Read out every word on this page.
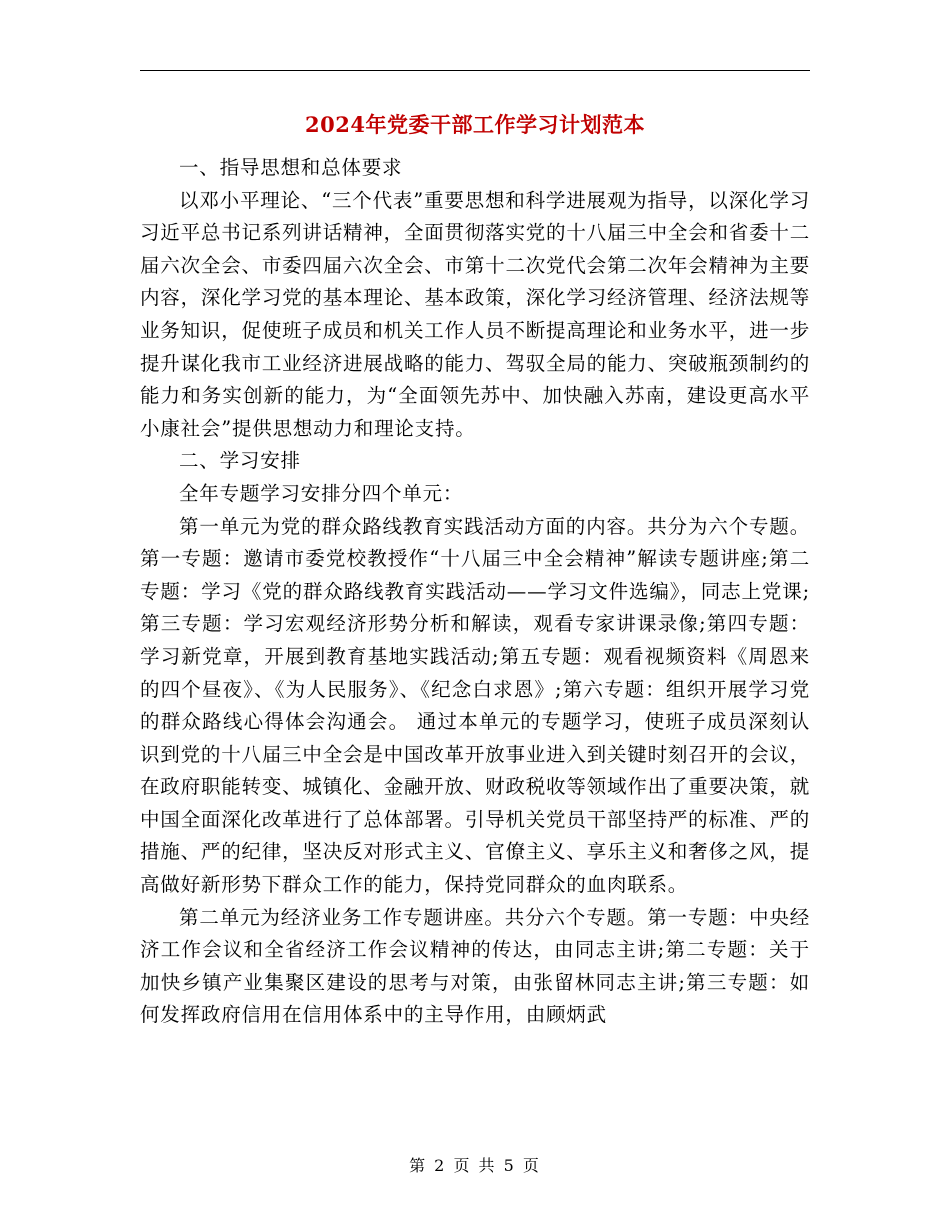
2024年党委干部工作学习计划范本

一、指导思想和总体要求

以邓小平理论、“三个代表”重要思想和科学进展观为指导，以深化学习习近平总书记系列讲话精神，全面贯彻落实党的十八届三中全会和省委十二届六次全会、市委四届六次全会、市第十二次党代会第二次年会精神为主要内容，深化学习党的基本理论、基本政策，深化学习经济管理、经济法规等业务知识，促使班子成员和机关工作人员不断提高理论和业务水平，进一步提升谋化我市工业经济进展战略的能力、驾驭全局的能力、突破瓶颈制约的能力和务实创新的能力，为“全面领先苏中、加快融入苏南，建设更高水平小康社会”提供思想动力和理论支持。

二、学习安排

全年专题学习安排分四个单元：

第一单元为党的群众路线教育实践活动方面的内容。共分为六个专题。第一专题：邀请市委党校教授作“十八届三中全会精神”解读专题讲座;第二专题：学习《党的群众路线教育实践活动——学习文件选编》，同志上党课;第三专题：学习宏观经济形势分析和解读，观看专家讲课录像;第四专题：学习新党章，开展到教育基地实践活动;第五专题：观看视频资料《周恩来的四个昼夜》、《为人民服务》、《纪念白求恩》;第六专题：组织开展学习党的群众路线心得体会沟通会。 通过本单元的专题学习，使班子成员深刻认识到党的十八届三中全会是中国改革开放事业进入到关键时刻召开的会议，在政府职能转变、城镇化、金融开放、财政税收等领域作出了重要决策，就中国全面深化改革进行了总体部署。引导机关党员干部坚持严的标准、严的措施、严的纪律，坚决反对形式主义、官僚主义、享乐主义和奢侈之风，提高做好新形势下群众工作的能力，保持党同群众的血肉联系。

第二单元为经济业务工作专题讲座。共分六个专题。第一专题：中央经济工作会议和全省经济工作会议精神的传达，由同志主讲;第二专题：关于加快乡镇产业集聚区建设的思考与对策，由张留林同志主讲;第三专题：如何发挥政府信用在信用体系中的主导作用，由顾炳武

第 2 页 共 5 页
